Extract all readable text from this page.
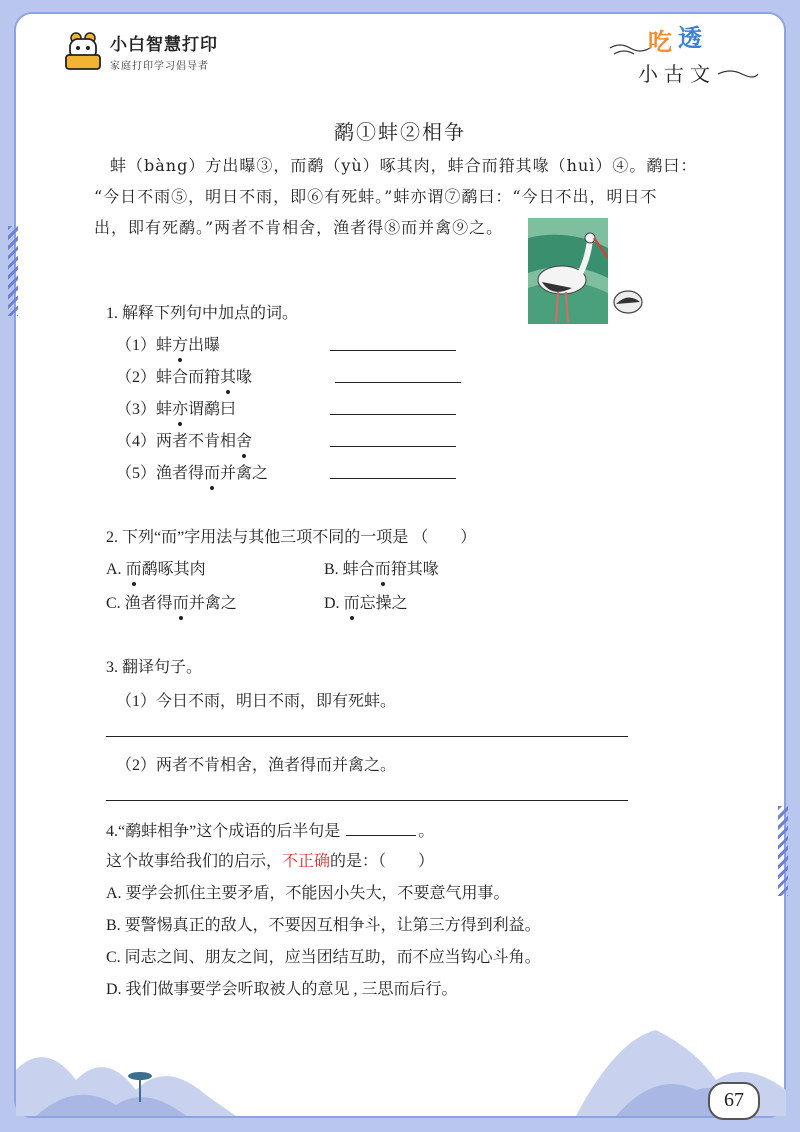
小白智慧打印
家庭打印学习倡导者
吃 透
小古文
鹬①蚌②相争

蚌（bàng）方出曝③，而鹬（yù）啄其肉，蚌合而箝其喙（huì）④。鹬曰：

“今日不雨⑤，明日不雨，即⑥有死蚌。”蚌亦谓⑦鹬曰：“今日不出，明日不

出，即有死鹬。”两者不肯相舍，渔者得⑧而并禽⑨之。

1. 解释下列句中加点的词。
（1）蚌方出曝
（2）蚌合而箝其喙
（3）蚌亦谓鹬曰
（4）两者不肯相舍
（5）渔者得而并禽之
2. 下列“而”字用法与其他三项不同的一项是 （　　）
A. 而鹬啄其肉	B. 蚌合而箝其喙
C. 渔者得而并禽之	D. 而忘操之
3. 翻译句子。
（1）今日不雨，明日不雨，即有死蚌。
（2）两者不肯相舍，渔者得而并禽之。
4.“鹬蚌相争”这个成语的后半句是	。
这个故事给我们的启示，不正确的是：（　　）
A. 要学会抓住主要矛盾，不能因小失大，不要意气用事。
B. 要警惕真正的敌人，不要因互相争斗，让第三方得到利益。
C. 同志之间、朋友之间，应当团结互助，而不应当钩心斗角。
D. 我们做事要学会听取被人的意见 , 三思而后行。
67
